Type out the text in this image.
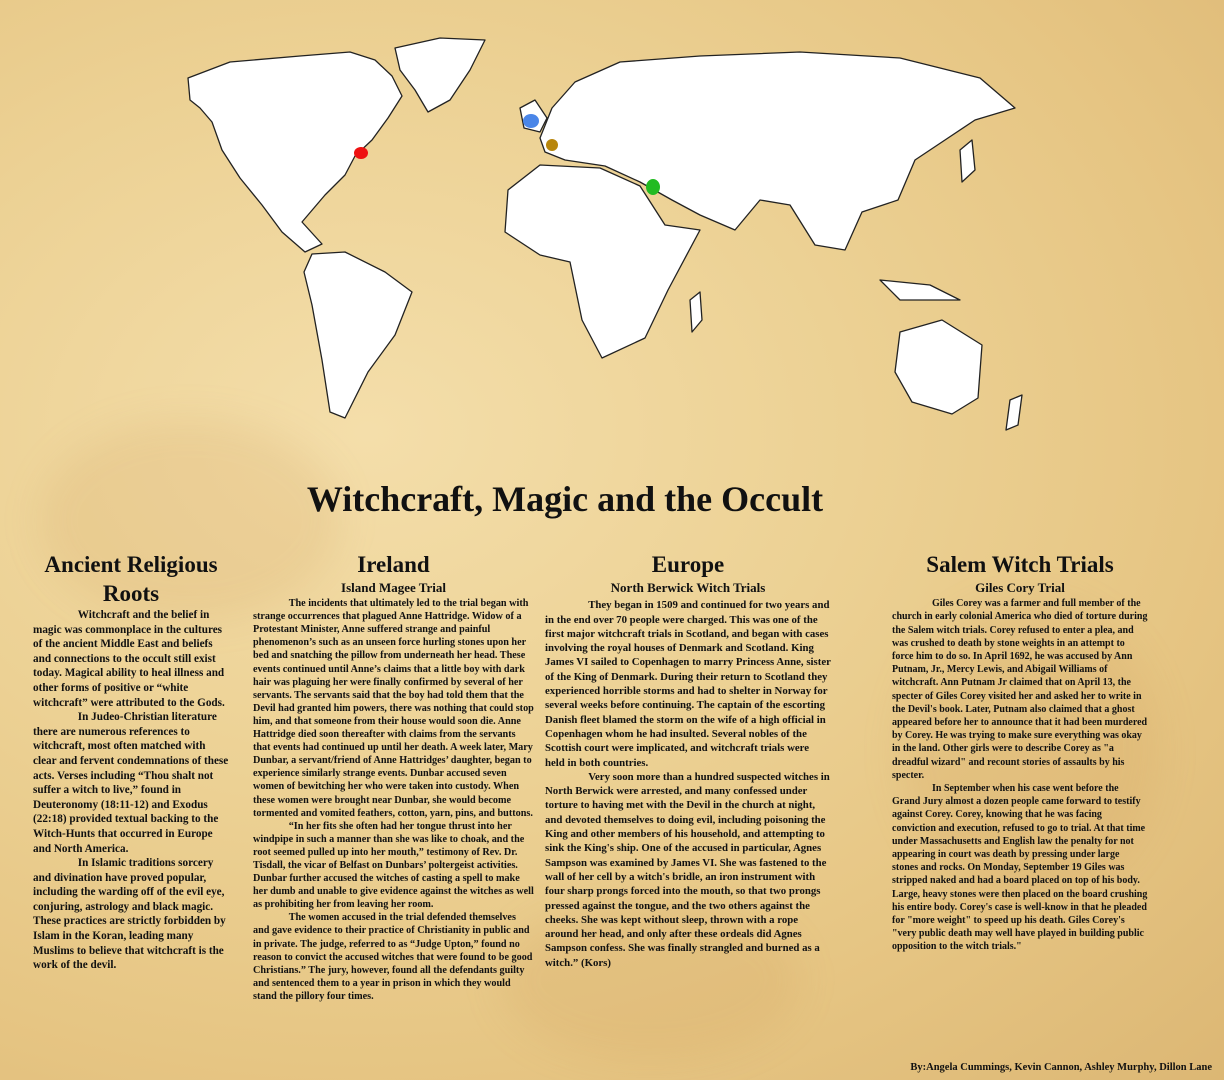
Witchcraft, Magic and the Occult
Ancient Religious Roots

Witchcraft and the belief in magic was commonplace in the cultures of the ancient Middle East and beliefs and connections to the occult still exist today. Magical ability to heal illness and other forms of positive or “white witchcraft” were attributed to the Gods.

In Judeo-Christian literature there are numerous references to witchcraft, most often matched with clear and fervent condemnations of these acts. Verses including “Thou shalt not suffer a witch to live,” found in Deuteronomy (18:11-12) and Exodus (22:18) provided textual backing to the Witch-Hunts that occurred in Europe and North America.

In Islamic traditions sorcery and divination have proved popular, including the warding off of the evil eye, conjuring, astrology and black magic. These practices are strictly forbidden by Islam in the Koran, leading many Muslims to believe that witchcraft is the work of the devil.

Ireland
Island Magee Trial

The incidents that ultimately led to the trial began with strange occurrences that plagued Anne Hattridge. Widow of a Protestant Minister, Anne suffered strange and painful phenomenon’s such as an unseen force hurling stones upon her bed and snatching the pillow from underneath her head. These events continued until Anne’s claims that a little boy with dark hair was plaguing her were finally confirmed by several of her servants. The servants said that the boy had told them that the Devil had granted him powers, there was nothing that could stop him, and that someone from their house would soon die. Anne Hattridge died soon thereafter with claims from the servants that events had continued up until her death. A week later, Mary Dunbar, a servant/friend of Anne Hattridges’ daughter, began to experience similarly strange events. Dunbar accused seven women of bewitching her who were taken into custody. When these women were brought near Dunbar, she would become tormented and vomited feathers, cotton, yarn, pins, and buttons.

“In her fits she often had her tongue thrust into her windpipe in such a manner than she was like to choak, and the root seemed pulled up into her mouth,” testimony of Rev. Dr. Tisdall, the vicar of Belfast on Dunbars’ poltergeist activities. Dunbar further accused the witches of casting a spell to make her dumb and unable to give evidence against the witches as well as prohibiting her from leaving her room.

The women accused in the trial defended themselves and gave evidence to their practice of Christianity in public and in private. The judge, referred to as “Judge Upton,” found no reason to convict the accused witches that were found to be good Christians.” The jury, however, found all the defendants guilty and sentenced them to a year in prison in which they would stand the pillory four times.

Europe
North Berwick Witch Trials

They began in 1509 and continued for two years and in the end over 70 people were charged. This was one of the first major witchcraft trials in Scotland, and began with cases involving the royal houses of Denmark and Scotland. King James VI sailed to Copenhagen to marry Princess Anne, sister of the King of Denmark. During their return to Scotland they experienced horrible storms and had to shelter in Norway for several weeks before continuing. The captain of the escorting Danish fleet blamed the storm on the wife of a high official in Copenhagen whom he had insulted. Several nobles of the Scottish court were implicated, and witchcraft trials were held in both countries.

Very soon more than a hundred suspected witches in North Berwick were arrested, and many confessed under torture to having met with the Devil in the church at night, and devoted themselves to doing evil, including poisoning the King and other members of his household, and attempting to sink the King's ship. One of the accused in particular, Agnes Sampson was examined by James VI. She was fastened to the wall of her cell by a witch's bridle, an iron instrument with four sharp prongs forced into the mouth, so that two prongs pressed against the tongue, and the two others against the cheeks. She was kept without sleep, thrown with a rope around her head, and only after these ordeals did Agnes Sampson confess. She was finally strangled and burned as a witch.” (Kors)

Salem Witch Trials
Giles Cory Trial

Giles Corey was a farmer and full member of the church in early colonial America who died of torture during the Salem witch trials. Corey refused to enter a plea, and was crushed to death by stone weights in an attempt to force him to do so. In April 1692, he was accused by Ann Putnam, Jr., Mercy Lewis, and Abigail Williams of witchcraft. Ann Putnam Jr claimed that on April 13, the specter of Giles Corey visited her and asked her to write in the Devil's book. Later, Putnam also claimed that a ghost appeared before her to announce that it had been murdered by Corey. He was trying to make sure everything was okay in the land. Other girls were to describe Corey as "a dreadful wizard" and recount stories of assaults by his specter.

In September when his case went before the Grand Jury almost a dozen people came forward to testify against Corey. Corey, knowing that he was facing conviction and execution, refused to go to trial. At that time under Massachusetts and English law the penalty for not appearing in court was death by pressing under large stones and rocks. On Monday, September 19 Giles was stripped naked and had a board placed on top of his body. Large, heavy stones were then placed on the board crushing his entire body. Corey's case is well-know in that he pleaded for "more weight" to speed up his death. Giles Corey's "very public death may well have played in building public opposition to the witch trials."

By:Angela Cummings, Kevin Cannon, Ashley Murphy, Dillon Lane
